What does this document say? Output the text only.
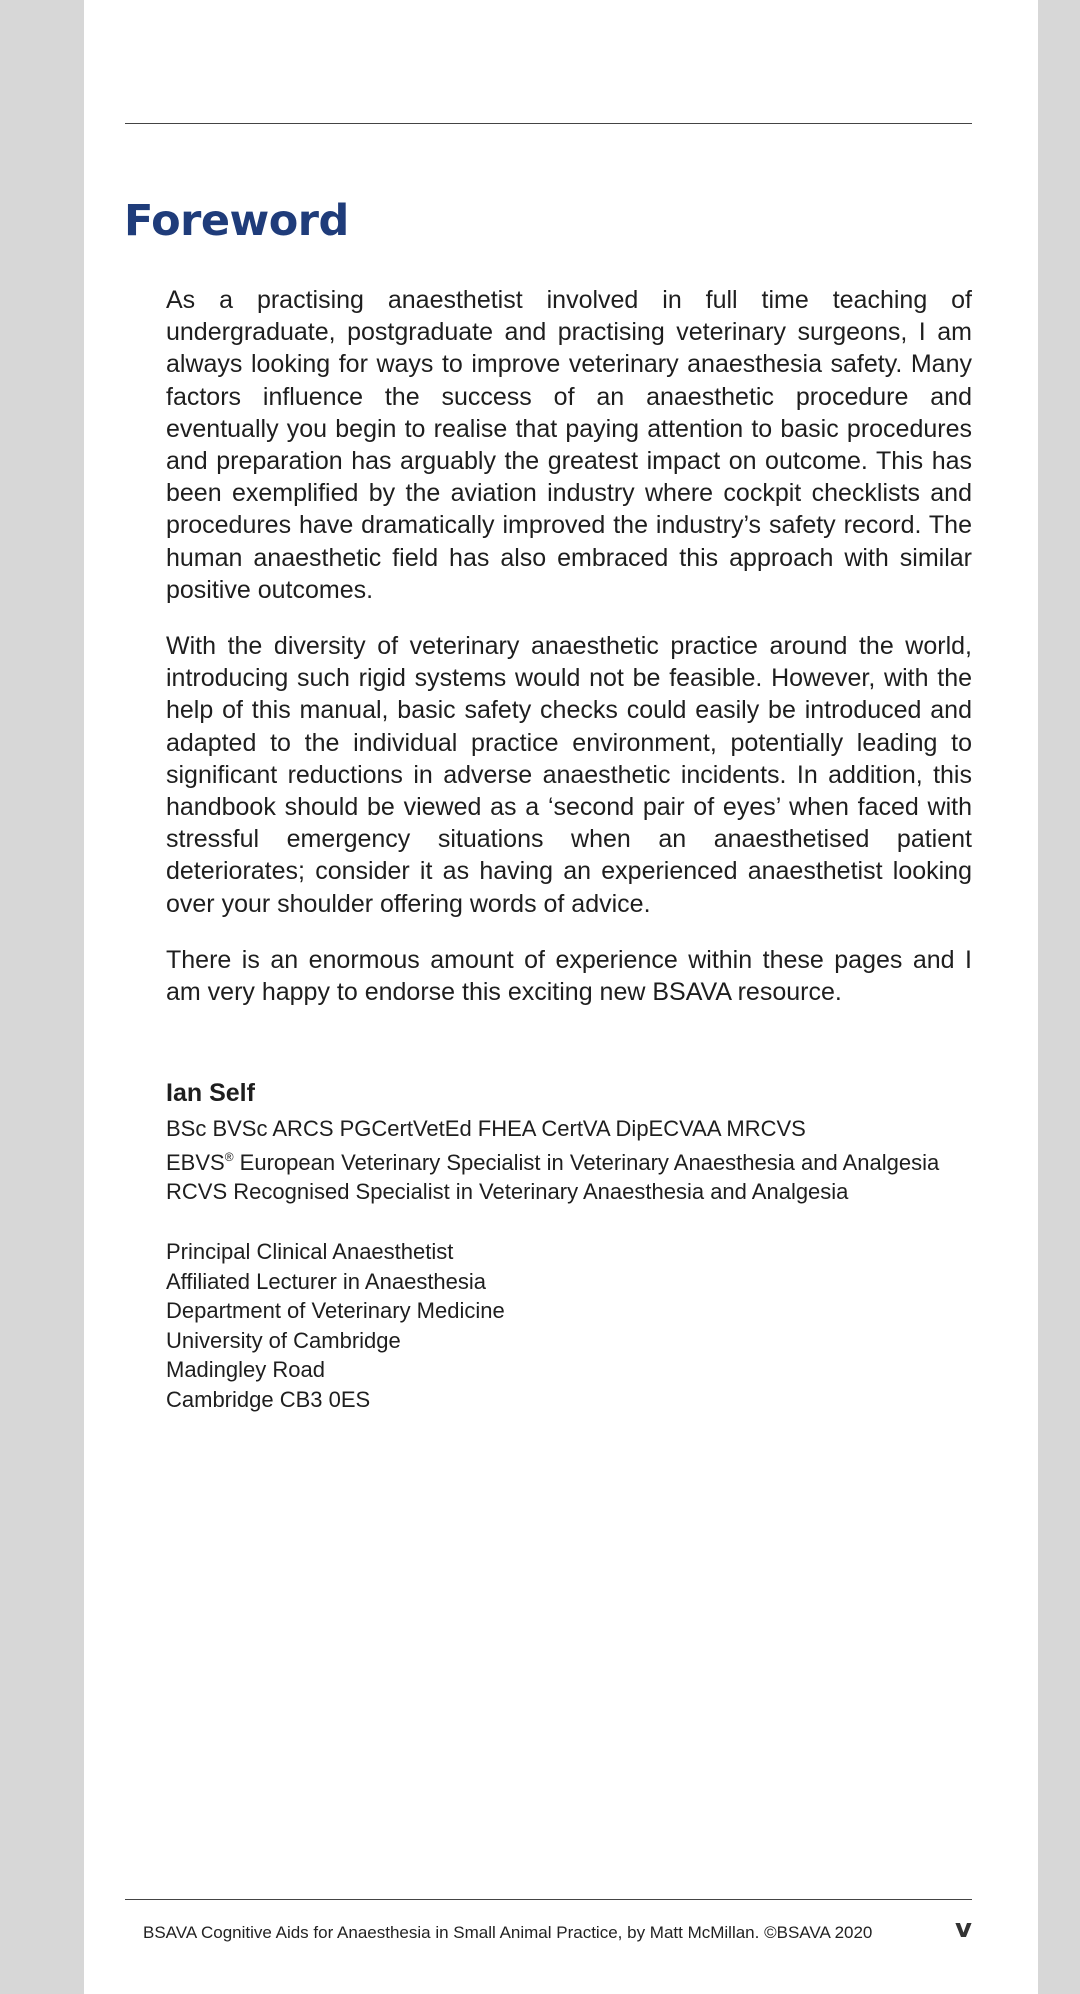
Foreword

As a practising anaesthetist involved in full time teaching of undergraduate, postgraduate and practising veterinary surgeons, I am always looking for ways to improve veterinary anaesthesia safety. Many factors influence the success of an anaesthetic procedure and eventually you begin to realise that paying attention to basic procedures and preparation has arguably the greatest impact on outcome. This has been exemplified by the aviation industry where cockpit checklists and procedures have dramatically improved the industry’s safety record. The human anaesthetic field has also embraced this approach with similar positive outcomes.

With the diversity of veterinary anaesthetic practice around the world, introducing such rigid systems would not be feasible. However, with the help of this manual, basic safety checks could easily be introduced and adapted to the individual practice environment, potentially leading to significant reductions in adverse anaesthetic incidents. In addition, this handbook should be viewed as a ‘second pair of eyes’ when faced with stressful emergency situations when an anaesthetised patient deteriorates; consider it as having an experienced anaesthetist looking over your shoulder offering words of advice.

There is an enormous amount of experience within these pages and I am very happy to endorse this exciting new BSAVA resource.

Ian Self
BSc BVSc ARCS PGCertVetEd FHEA CertVA DipECVAA MRCVS
EBVS® European Veterinary Specialist in Veterinary Anaesthesia and Analgesia
RCVS Recognised Specialist in Veterinary Anaesthesia and Analgesia
Principal Clinical Anaesthetist
Affiliated Lecturer in Anaesthesia
Department of Veterinary Medicine
University of Cambridge
Madingley Road
Cambridge CB3 0ES
BSAVA Cognitive Aids for Anaesthesia in Small Animal Practice, by Matt McMillan. ©BSAVA 2020	v
